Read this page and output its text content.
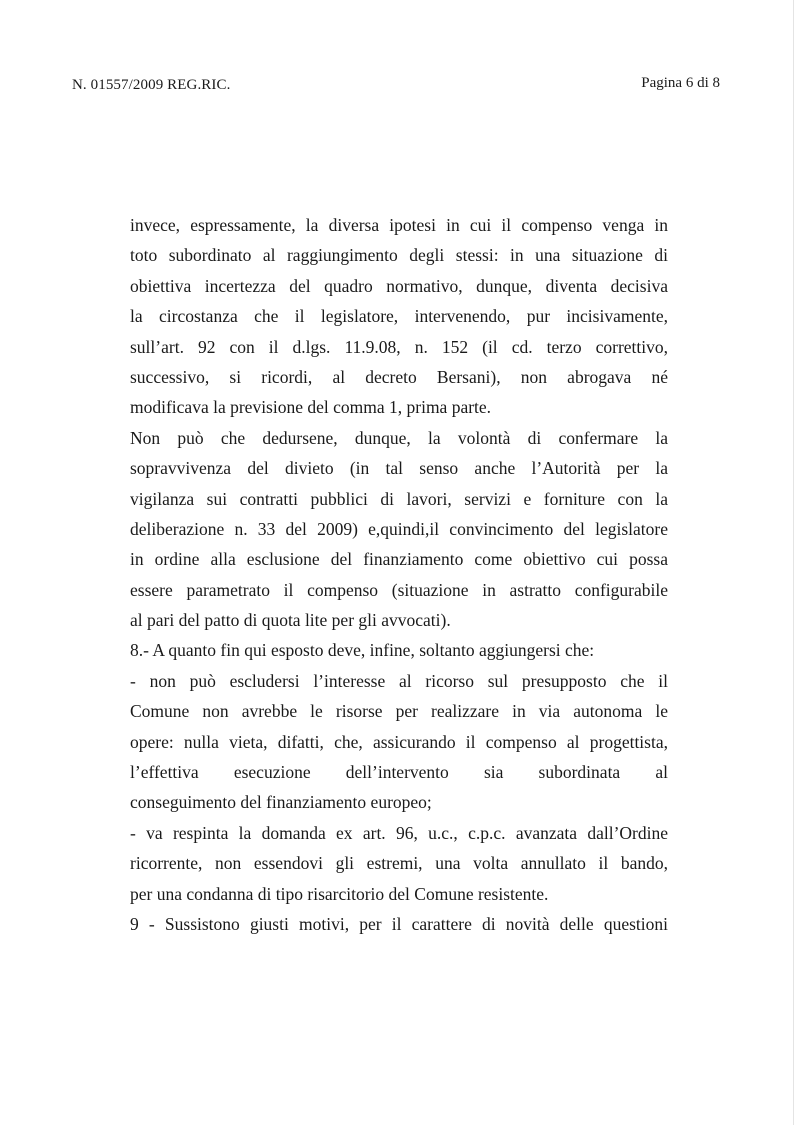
N. 01557/2009 REG.RIC.	Pagina 6 di 8
invece, espressamente, la diversa ipotesi in cui il compenso venga in
toto subordinato al raggiungimento degli stessi: in una situazione di
obiettiva incertezza del quadro normativo, dunque, diventa decisiva
la circostanza che il legislatore, intervenendo, pur incisivamente,
sull’art. 92 con il d.lgs. 11.9.08, n. 152 (il cd. terzo correttivo,
successivo, si ricordi, al decreto Bersani), non abrogava né
modificava la previsione del comma 1, prima parte.
Non può che dedursene, dunque, la volontà di confermare la
sopravvivenza del divieto (in tal senso anche l’Autorità per la
vigilanza sui contratti pubblici di lavori, servizi e forniture con la
deliberazione n. 33 del 2009) e,quindi,il convincimento del legislatore
in ordine alla esclusione del finanziamento come obiettivo cui possa
essere parametrato il compenso (situazione in astratto configurabile
al pari del patto di quota lite per gli avvocati).
8.- A quanto fin qui esposto deve, infine, soltanto aggiungersi che:
- non può escludersi l’interesse al ricorso sul presupposto che il
Comune non avrebbe le risorse per realizzare in via autonoma le
opere: nulla vieta, difatti, che, assicurando il compenso al progettista,
l’effettiva esecuzione dell’intervento sia subordinata al
conseguimento del finanziamento europeo;
- va respinta la domanda ex art. 96, u.c., c.p.c. avanzata dall’Ordine
ricorrente, non essendovi gli estremi, una volta annullato il bando,
per una condanna di tipo risarcitorio del Comune resistente.
9 - Sussistono giusti motivi, per il carattere di novità delle questioni
